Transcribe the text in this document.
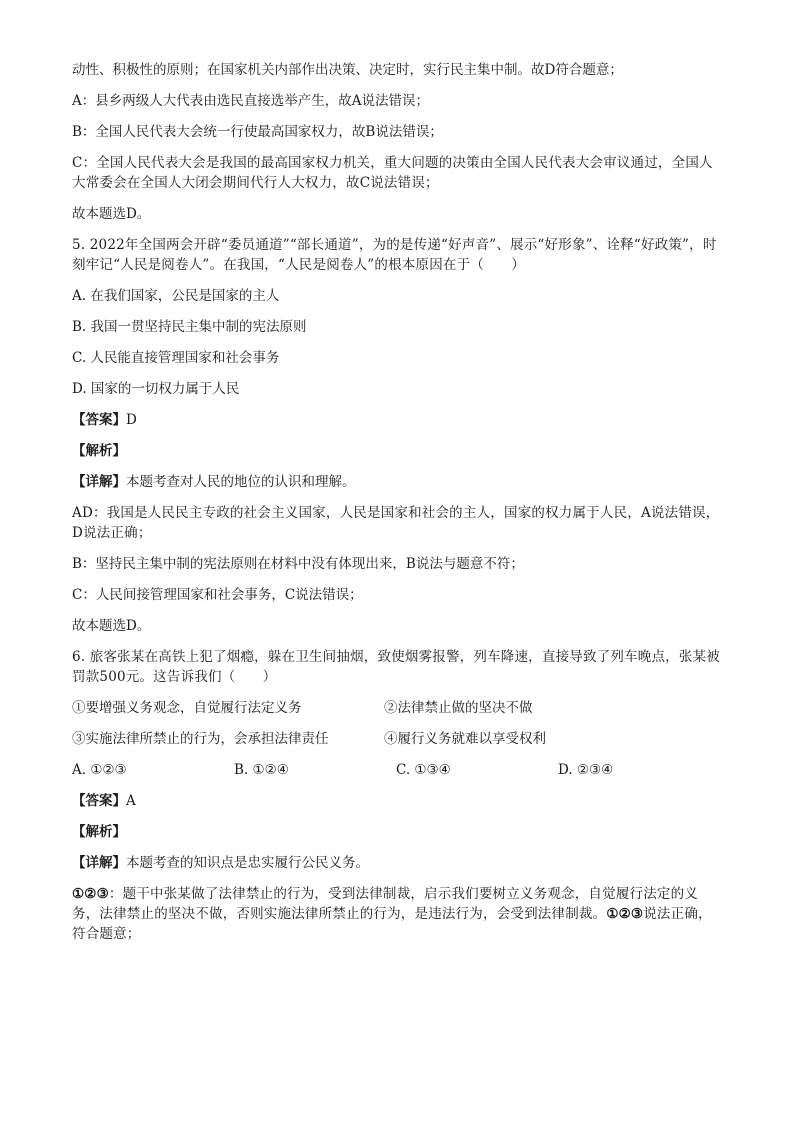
动性、积极性的原则；在国家机关内部作出决策、决定时，实行民主集中制。故D符合题意；
A：县乡两级人大代表由选民直接选举产生，故A说法错误；
B：全国人民代表大会统一行使最高国家权力，故B说法错误；
C：全国人民代表大会是我国的最高国家权力机关，重大问题的决策由全国人民代表大会审议通过，全国人大常委会在全国人大闭会期间代行人大权力，故C说法错误；
故本题选D。
5. 2022年全国两会开辟“委员通道”“部长通道”，为的是传递“好声音”、展示“好形象”、诠释“好政策”，时刻牢记“人民是阅卷人”。在我国，“人民是阅卷人”的根本原因在于（　　）
A. 在我们国家，公民是国家的主人
B. 我国一贯坚持民主集中制的宪法原则
C. 人民能直接管理国家和社会事务
D. 国家的一切权力属于人民
【答案】D
【解析】
【详解】本题考查对人民的地位的认识和理解。
AD：我国是人民民主专政的社会主义国家，人民是国家和社会的主人，国家的权力属于人民，A说法错误，D说法正确；
B：坚持民主集中制的宪法原则在材料中没有体现出来，B说法与题意不符；
C：人民间接管理国家和社会事务，C说法错误；
故本题选D。
6. 旅客张某在高铁上犯了烟瘾，躲在卫生间抽烟，致使烟雾报警，列车降速，直接导致了列车晚点，张某被罚款500元。这告诉我们（　　）
①要增强义务观念，自觉履行法定义务	②法律禁止做的坚决不做
③实施法律所禁止的行为，会承担法律责任	④履行义务就难以享受权利
A. ①②③	B. ①②④	C. ①③④	D. ②③④
【答案】A
【解析】
【详解】本题考查的知识点是忠实履行公民义务。
①②③：题干中张某做了法律禁止的行为，受到法律制裁，启示我们要树立义务观念，自觉履行法定的义务，法律禁止的坚决不做，否则实施法律所禁止的行为，是违法行为，会受到法律制裁。①②③说法正确，符合题意；
